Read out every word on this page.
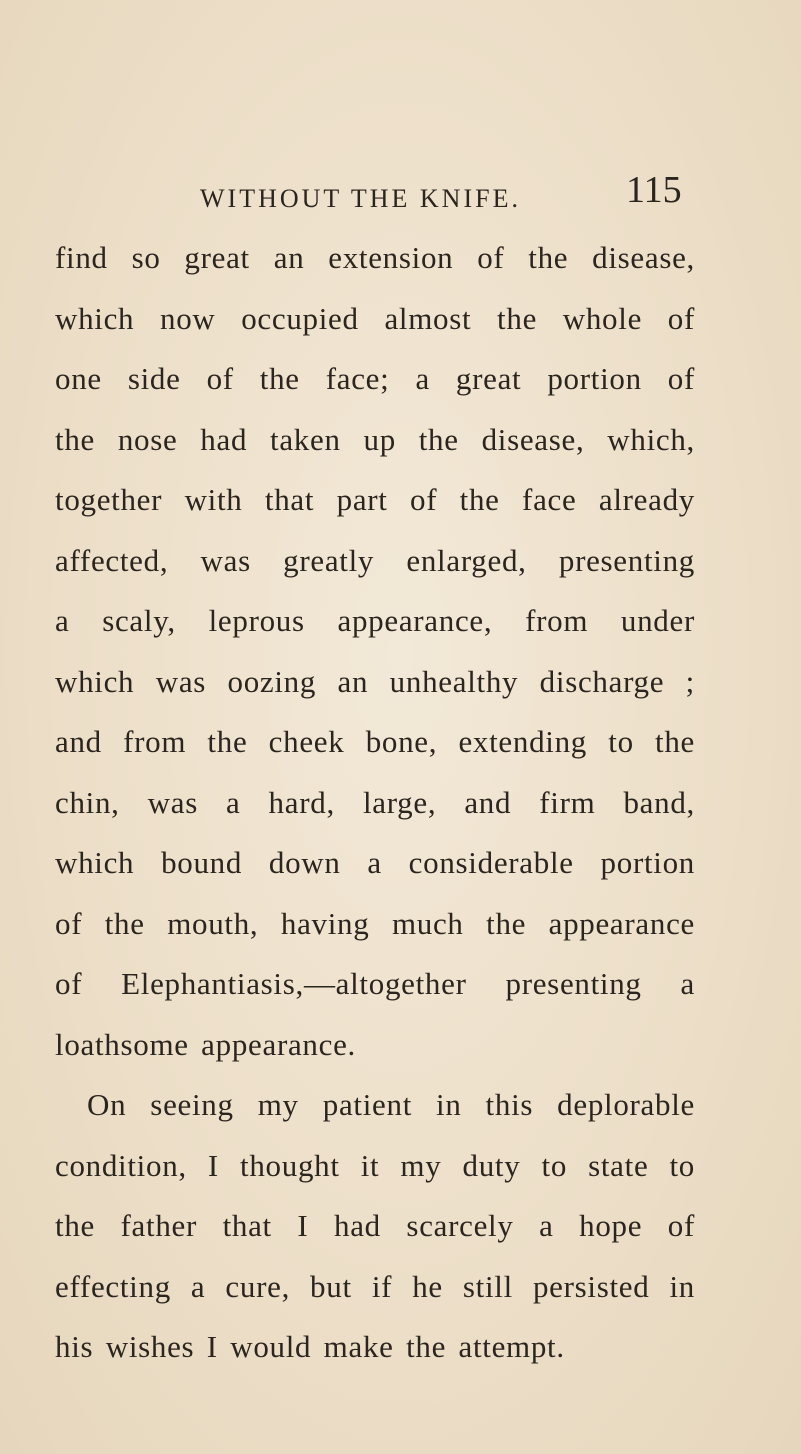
WITHOUT THE KNIFE.	115
find so great an extension of the disease,
which now occupied almost the whole of
one side of the face; a great portion of
the nose had taken up the disease, which,
together with that part of the face already
affected, was greatly enlarged, presenting
a scaly, leprous appearance, from under
which was oozing an unhealthy discharge ;
and from the cheek bone, extending to the
chin, was a hard, large, and firm band,
which bound down a considerable portion
of the mouth, having much the appearance
of Elephantiasis,—altogether presenting a
loathsome appearance.
On seeing my patient in this deplorable
condition, I thought it my duty to state to
the father that I had scarcely a hope of
effecting a cure, but if he still persisted in
his wishes I would make the attempt.
